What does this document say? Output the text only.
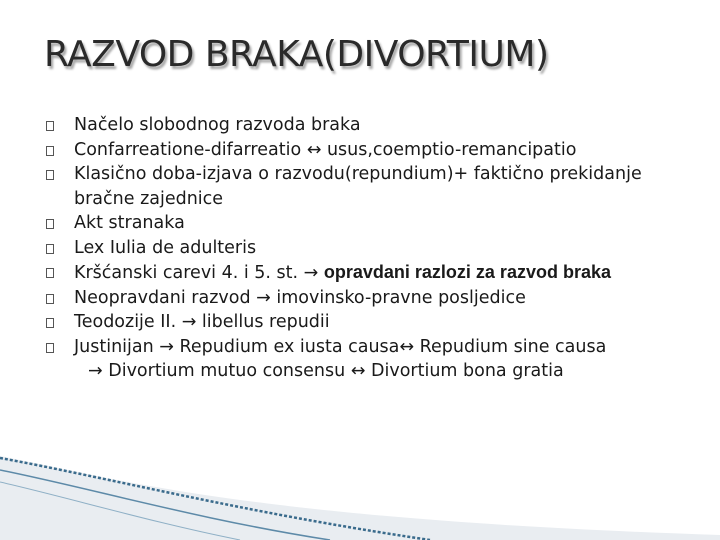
RAZVOD BRAKA(DIVORTIUM)
Načelo slobodnog razvoda braka
Confarreatione-difarreatio ↔ usus,coemptio-remancipatio
Klasično doba-izjava o razvodu(repundium)+ faktično prekidanje bračne zajednice
Akt stranaka
Lex Iulia de adulteris
Kršćanski carevi 4. i 5. st. → opravdani razlozi za razvod braka
Neopravdani razvod → imovinsko-pravne posljedice
Teodozije II. → libellus repudii
Justinijan → Repudium ex iusta causa↔ Repudium sine causa
→ Divortium mutuo consensu ↔ Divortium bona gratia
